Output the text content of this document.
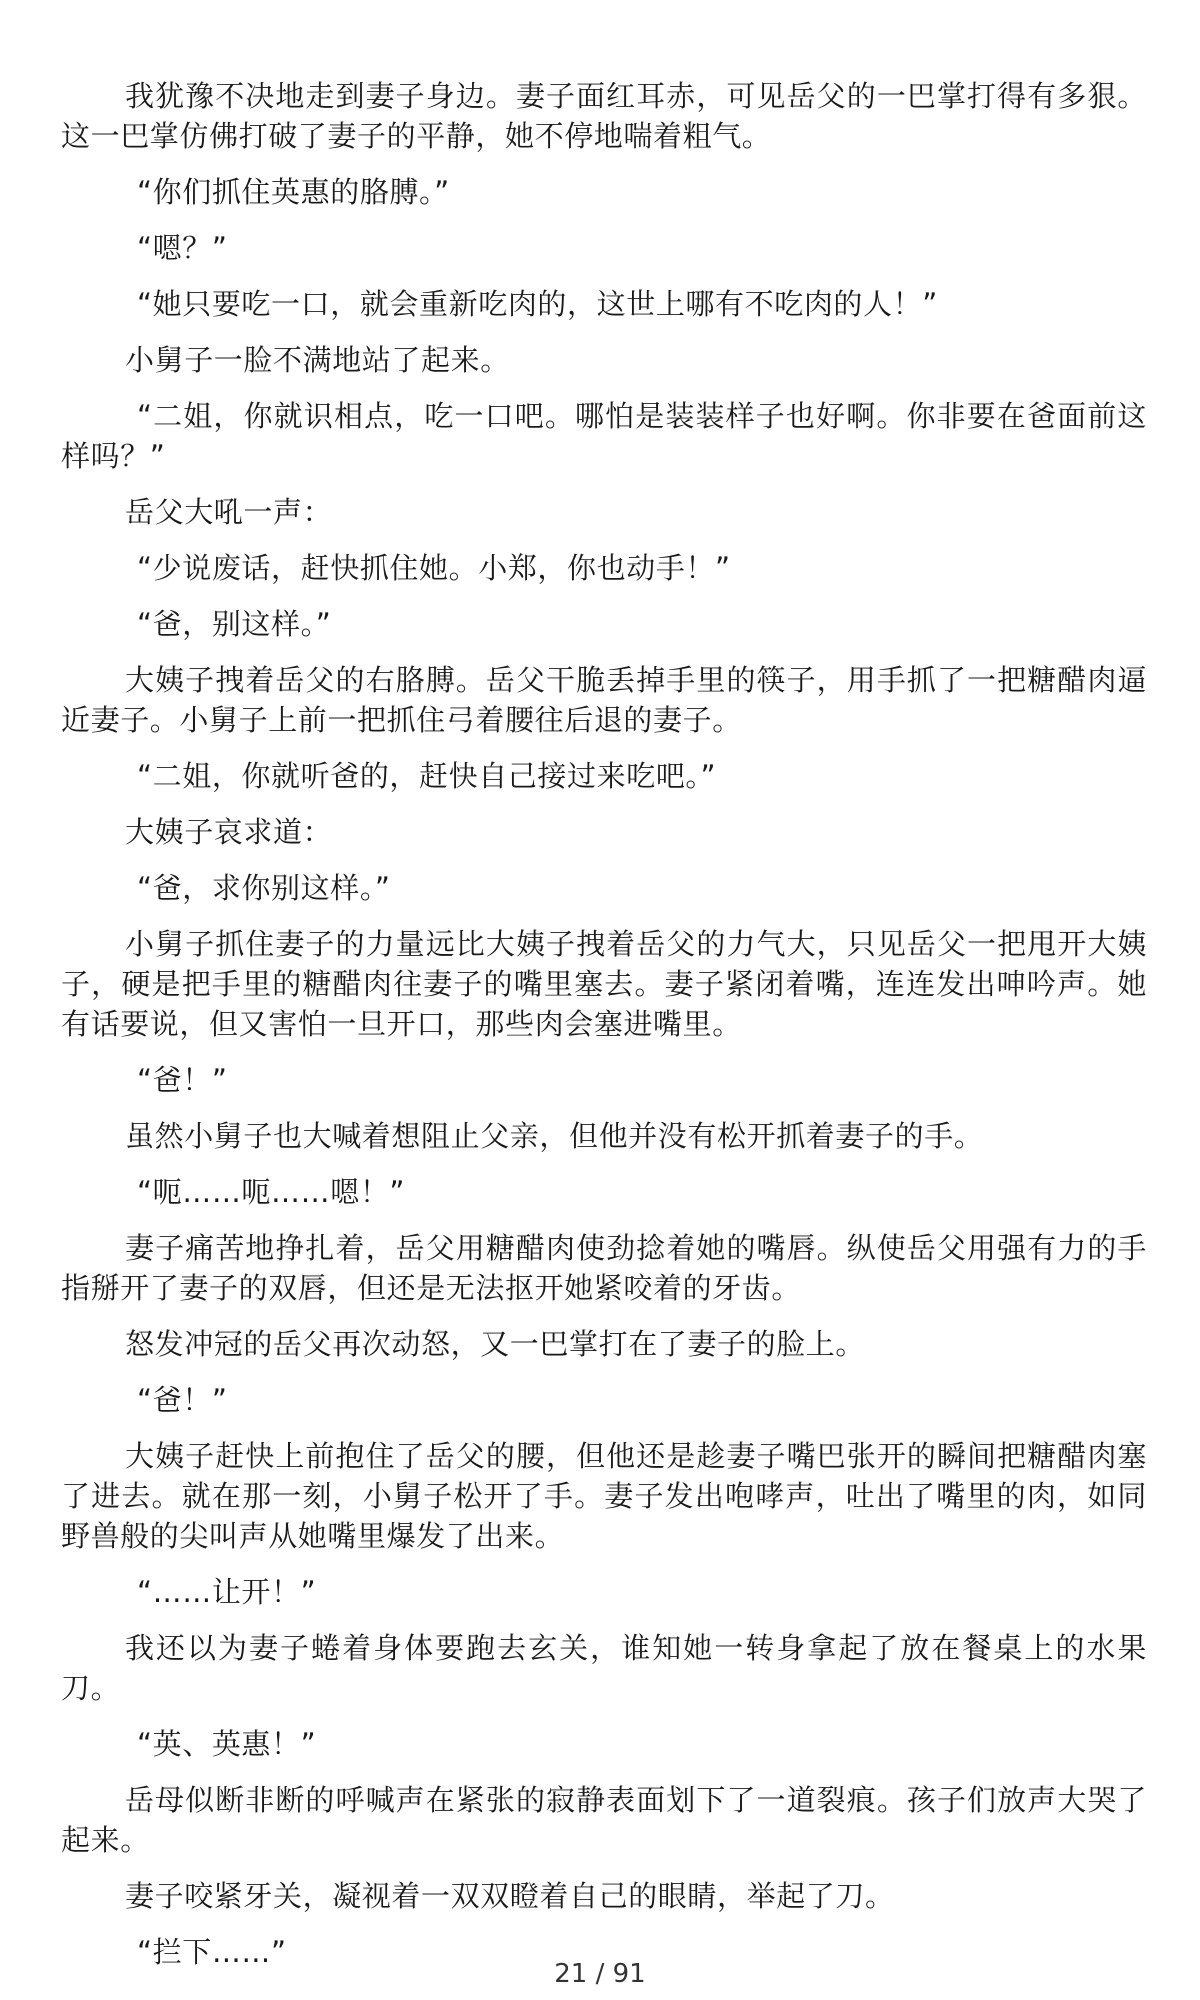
我犹豫不决地走到妻子身边。妻子面红耳赤，可见岳父的一巴掌打得有多狠。这一巴掌仿佛打破了妻子的平静，她不停地喘着粗气。

“你们抓住英惠的胳膊。”

“嗯？”

“她只要吃一口，就会重新吃肉的，这世上哪有不吃肉的人！”

小舅子一脸不满地站了起来。

“二姐，你就识相点，吃一口吧。哪怕是装装样子也好啊。你非要在爸面前这样吗？”

岳父大吼一声：

“少说废话，赶快抓住她。小郑，你也动手！”

“爸，别这样。”

大姨子拽着岳父的右胳膊。岳父干脆丢掉手里的筷子，用手抓了一把糖醋肉逼近妻子。小舅子上前一把抓住弓着腰往后退的妻子。

“二姐，你就听爸的，赶快自己接过来吃吧。”

大姨子哀求道：

“爸，求你别这样。”

小舅子抓住妻子的力量远比大姨子拽着岳父的力气大，只见岳父一把甩开大姨子，硬是把手里的糖醋肉往妻子的嘴里塞去。妻子紧闭着嘴，连连发出呻吟声。她有话要说，但又害怕一旦开口，那些肉会塞进嘴里。

“爸！”

虽然小舅子也大喊着想阻止父亲，但他并没有松开抓着妻子的手。

“呃……呃……嗯！”

妻子痛苦地挣扎着，岳父用糖醋肉使劲捻着她的嘴唇。纵使岳父用强有力的手指掰开了妻子的双唇，但还是无法抠开她紧咬着的牙齿。

怒发冲冠的岳父再次动怒，又一巴掌打在了妻子的脸上。

“爸！”

大姨子赶快上前抱住了岳父的腰，但他还是趁妻子嘴巴张开的瞬间把糖醋肉塞了进去。就在那一刻，小舅子松开了手。妻子发出咆哮声，吐出了嘴里的肉，如同野兽般的尖叫声从她嘴里爆发了出来。

“……让开！”

我还以为妻子蜷着身体要跑去玄关，谁知她一转身拿起了放在餐桌上的水果刀。

“英、英惠！”

岳母似断非断的呼喊声在紧张的寂静表面划下了一道裂痕。孩子们放声大哭了起来。

妻子咬紧牙关，凝视着一双双瞪着自己的眼睛，举起了刀。

“拦下……”

21 / 91
